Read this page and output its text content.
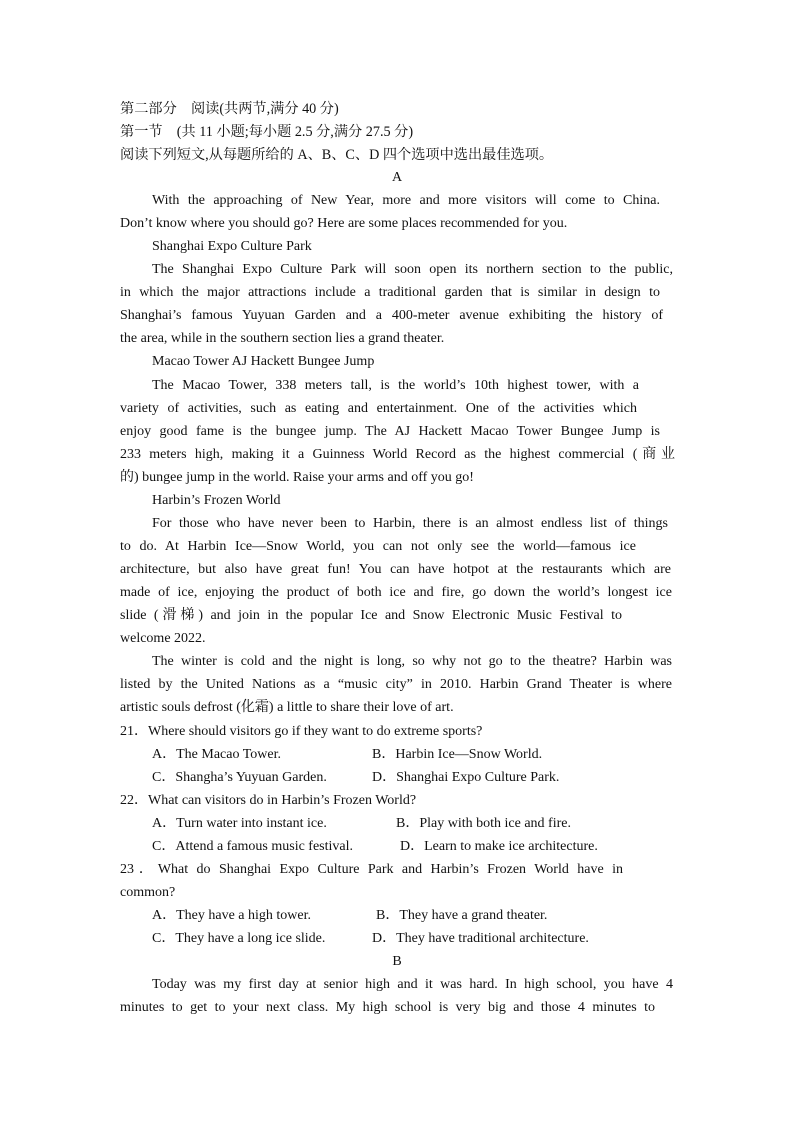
第二部分　阅读(共两节,满分 40 分)
第一节　(共 11 小题;每小题 2.5 分,满分 27.5 分)
阅读下列短文,从每题所给的 A、B、C、D 四个选项中选出最佳选项。
A
With the approaching of New Year, more and more visitors will come to China.
Don’t know where you should go? Here are some places recommended for you.
Shanghai Expo Culture Park
The Shanghai Expo Culture Park will soon open its northern section to the public,
in which the major attractions include a traditional garden that is similar in design to
Shanghai’s famous Yuyuan Garden and a 400-meter avenue exhibiting the history of
the area, while in the southern section lies a grand theater.
Macao Tower AJ Hackett Bungee Jump
The Macao Tower, 338 meters tall, is the world’s 10th highest tower, with a
variety of activities, such as eating and entertainment. One of the activities which
enjoy good fame is the bungee jump. The AJ Hackett Macao Tower Bungee Jump is
233 meters high, making it a Guinness World Record as the highest commercial (商业
的) bungee jump in the world. Raise your arms and off you go!
Harbin’s Frozen World
For those who have never been to Harbin, there is an almost endless list of things
to do. At Harbin Ice—Snow World, you can not only see the world—famous ice
architecture, but also have great fun! You can have hotpot at the restaurants which are
made of ice, enjoying the product of both ice and fire, go down the world’s longest ice
slide (滑梯) and join in the popular Ice and Snow Electronic Music Festival to
welcome 2022.
The winter is cold and the night is long, so why not go to the theatre? Harbin was
listed by the United Nations as a “music city” in 2010. Harbin Grand Theater is where
artistic souls defrost (化霜) a little to share their love of art.
21．Where should visitors go if they want to do extreme sports?
A．The Macao Tower.	B．Harbin Ice—Snow World.
C．Shangha’s Yuyuan Garden.	D．Shanghai Expo Culture Park.
22．What can visitors do in Harbin’s Frozen World?
A．Turn water into instant ice.	B．Play with both ice and fire.
C．Attend a famous music festival.	D．Learn to make ice architecture.
23．What do Shanghai Expo Culture Park and Harbin’s Frozen World have in
common?
A．They have a high tower.	B．They have a grand theater.
C．They have a long ice slide.	D．They have traditional architecture.
B
Today was my first day at senior high and it was hard. In high school, you have 4
minutes to get to your next class. My high school is very big and those 4 minutes to
